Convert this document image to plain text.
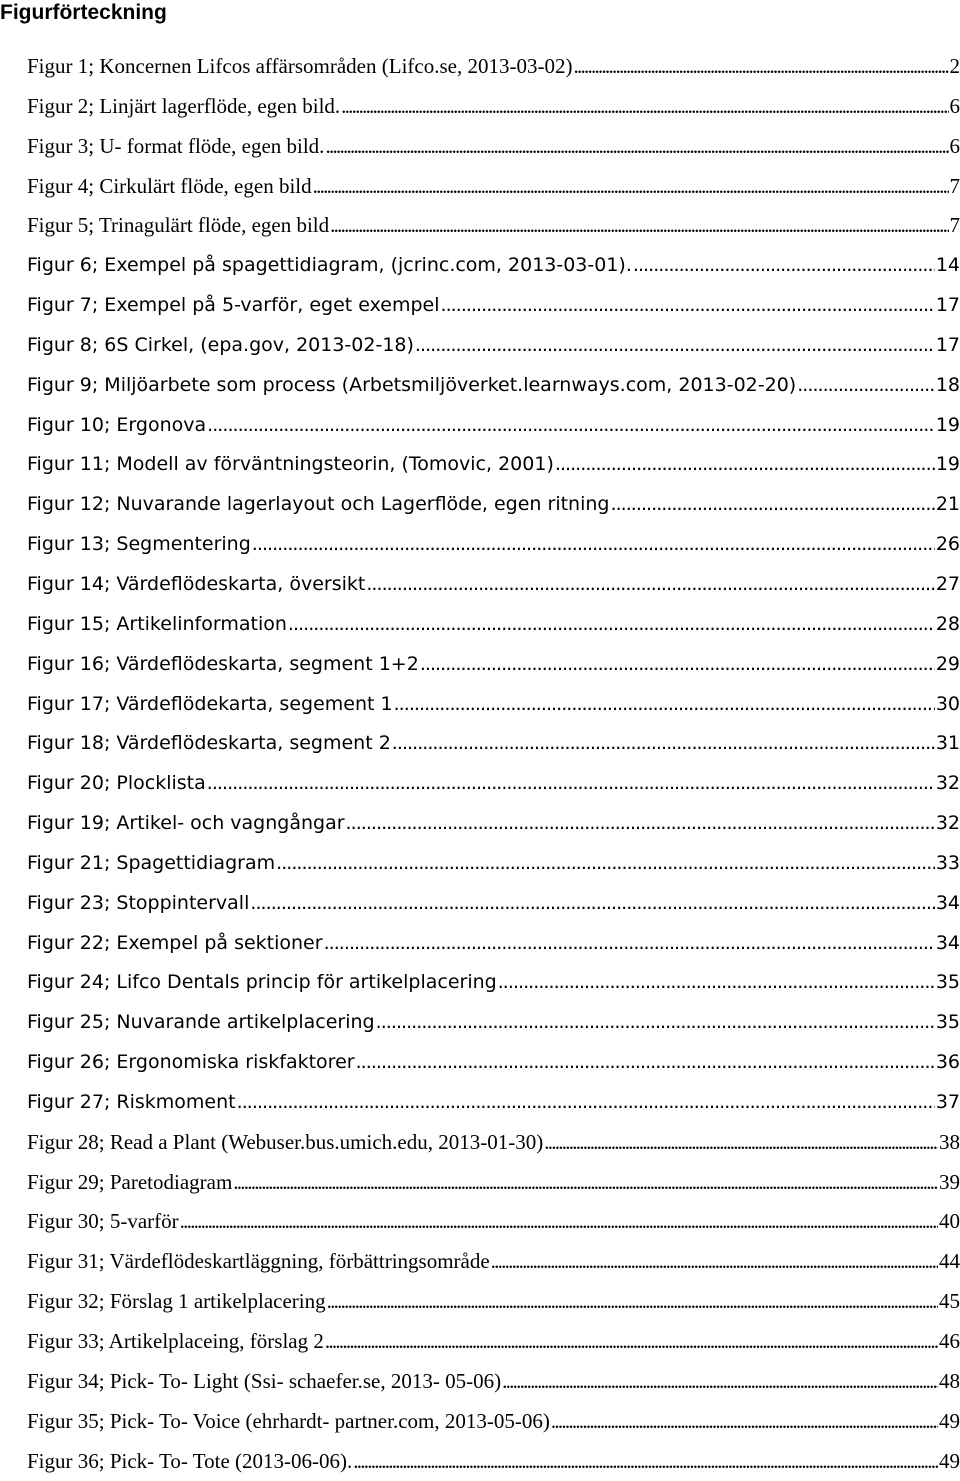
Figurförteckning
Figur 1; Koncernen Lifcos affärsområden (Lifco.se, 2013-03-02) . . .	2
Figur 2; Linjärt lagerflöde, egen bild. . . .	6
Figur 3; U- format flöde, egen bild. . . .	6
Figur 4; Cirkulärt flöde, egen bild . . .	7
Figur 5; Trinagulärt flöde, egen bild . . .	7
Figur 6; Exempel på spagettidiagram, (jcrinc.com, 2013-03-01). . . .	14
Figur 7; Exempel på 5-varför, eget exempel . . .	17
Figur 8; 6S Cirkel, (epa.gov, 2013-02-18) . . .	17
Figur 9; Miljöarbete som process (Arbetsmiljöverket.learnways.com, 2013-02-20) . . .	18
Figur 10; Ergonova . . .	19
Figur 11; Modell av förväntningsteorin, (Tomovic, 2001) . . .	19
Figur 12; Nuvarande lagerlayout och Lagerflöde, egen ritning . . .	21
Figur 13; Segmentering . . .	26
Figur 14; Värdeflödeskarta, översikt . . .	27
Figur 15; Artikelinformation . . .	28
Figur 16; Värdeflödeskarta, segment 1+2 . . .	29
Figur 17; Värdeflödekarta, segement 1 . . .	30
Figur 18; Värdeflödeskarta, segment 2 . . .	31
Figur 20; Plocklista . . .	32
Figur 19; Artikel- och vagngångar . . .	32
Figur 21; Spagettidiagram . . .	33
Figur 23; Stoppintervall . . .	34
Figur 22; Exempel på sektioner . . .	34
Figur 24; Lifco Dentals princip för artikelplacering . . .	35
Figur 25; Nuvarande artikelplacering . . .	35
Figur 26; Ergonomiska riskfaktorer . . .	36
Figur 27; Riskmoment . . .	37
Figur 28; Read a Plant (Webuser.bus.umich.edu, 2013-01-30) . . .	38
Figur 29; Paretodiagram . . .	39
Figur 30; 5-varför . . .	40
Figur 31; Värdeflödeskartläggning, förbättringsområde . . .	44
Figur 32; Förslag 1 artikelplacering . . .	45
Figur 33; Artikelplaceing, förslag 2 . . .	46
Figur 34; Pick- To- Light (Ssi- schaefer.se, 2013- 05-06) . . .	48
Figur 35; Pick- To- Voice (ehrhardt- partner.com, 2013-05-06) . . .	49
Figur 36; Pick- To- Tote (2013-06-06). . . .	49
